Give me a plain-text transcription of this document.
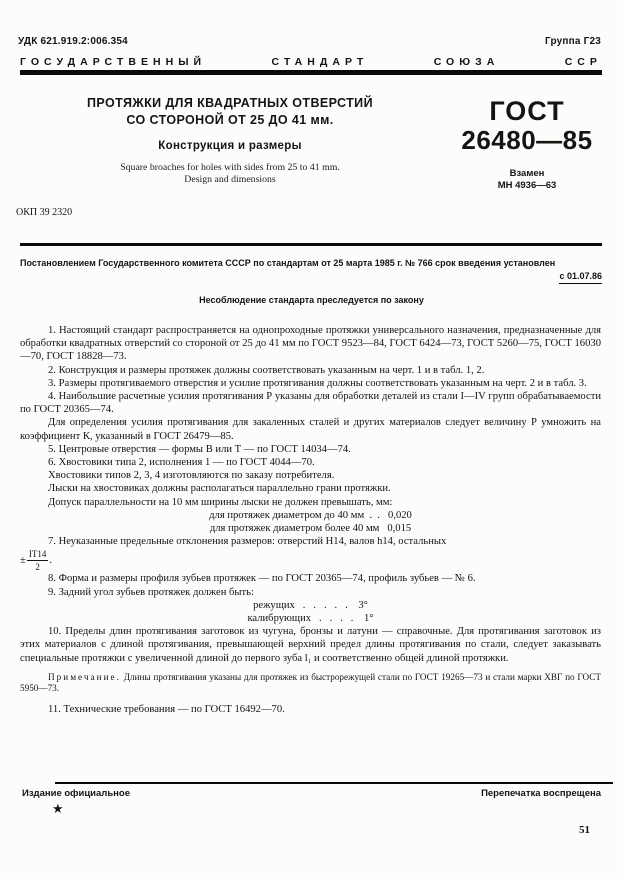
УДК 621.919.2:006.354	Группа Г23
ГОСУДАРСТВЕННЫЙ	СТАНДАРТ	СОЮЗА	ССР
ПРОТЯЖКИ ДЛЯ КВАДРАТНЫХ ОТВЕРСТИЙ
СО СТОРОНОЙ ОТ 25 ДО 41 мм.
Конструкция и размеры
Square broaches for holes with sides from 25 to 41 mm.
Design and dimensions
ОКП 39 2320
ГОСТ
26480—85
Взамен
МН 4936—63
Постановлением Государственного комитета СССР по стандартам от 25 марта 1985 г. № 766 срок введения установлен
с 01.07.86
Несоблюдение стандарта преследуется по закону

1. Настоящий стандарт распространяется на однопроходные протяжки универсального назначения, предназначенные для обработки квадратных отверстий со стороной от 25 до 41 мм по ГОСТ 9523—84, ГОСТ 6424—73, ГОСТ 5260—75, ГОСТ 16030—70, ГОСТ 18828—73.

2. Конструкция и размеры протяжек должны соответствовать указанным на черт. 1 и в табл. 1, 2.

3. Размеры протягиваемого отверстия и усилие протягивания должны соответствовать указанным на черт. 2 и в табл. 3.

4. Наибольшие расчетные усилия протягивания Р указаны для обработки деталей из стали I—IV групп обрабатываемости по ГОСТ 20365—74.

Для определения усилия протягивания для закаленных сталей и других материалов следует величину Р умножить на коэффициент К, указанный в ГОСТ 26479—85.

5. Центровые отверстия — формы В или Т — по ГОСТ 14034—74.

6. Хвостовики типа 2, исполнения 1 — по ГОСТ 4044—70.

Хвостовики типов 2, 3, 4 изготовляются по заказу потребителя.

Лыски на хвостовиках должны располагаться параллельно грани протяжки.

Допуск параллельности на 10 мм ширины лыски не должен превышать, мм:

для протяжек диаметром до 40 мм  .  .   0,020

для протяжек диаметром более 40 мм   0,015

7. Неуказанные предельные отклонения размеров: отверстий Н14, валов h14, остальных

± $\frac{IT14}{2}$ .

8. Форма и размеры профиля зубьев протяжек — по ГОСТ 20365—74, профиль зубьев — № 6.

9. Задний угол зубьев протяжек должен быть:

режущих   .   .   .   .   .    3°

калибрующих   .   .   .   .    1°

10. Пределы длин протягивания заготовок из чугуна, бронзы и латуни — справочные. Для протягивания заготовок из этих материалов с длиной протягивания, превышающей верхний предел длины протягивания по стали, следует заказывать специальные протяжки с увеличенной длиной до первого зуба l₁ и соответственно общей длиной протяжки.

Примечание. Длины протягивания указаны для протяжек из быстрорежущей стали по ГОСТ 19265—73 и стали марки ХВГ по ГОСТ 5950—73.

11. Технические требования — по ГОСТ 16492—70.

Издание официальное	Перепечатка воспрещена
★
51
